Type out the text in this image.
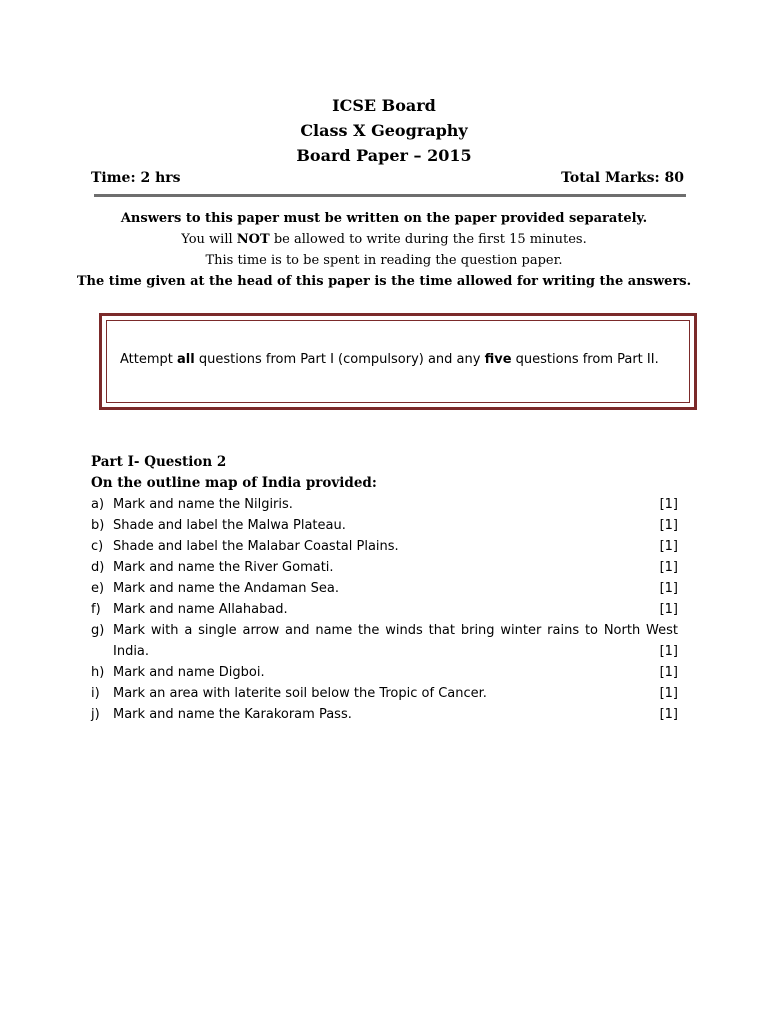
ICSE Board
Class X Geography
Board Paper – 2015
Time: 2 hrs	Total Marks: 80
Answers to this paper must be written on the paper provided separately.
You will NOT be allowed to write during the first 15 minutes.
This time is to be spent in reading the question paper.
The time given at the head of this paper is the time allowed for writing the answers.
Attempt all questions from Part I (compulsory) and any five questions from Part II.
Part I- Question 2
On the outline map of India provided:
a) Mark and name the Nilgiris.	[1]
b) Shade and label the Malwa Plateau.	[1]
c) Shade and label the Malabar Coastal Plains.	[1]
d) Mark and name the River Gomati.	[1]
e) Mark and name the Andaman Sea.	[1]
f) Mark and name Allahabad.	[1]
g) Mark with a single arrow and name the winds that bring winter rains to North West India.	[1]
h) Mark and name Digboi.	[1]
i) Mark an area with laterite soil below the Tropic of Cancer.	[1]
j) Mark and name the Karakoram Pass.	[1]
